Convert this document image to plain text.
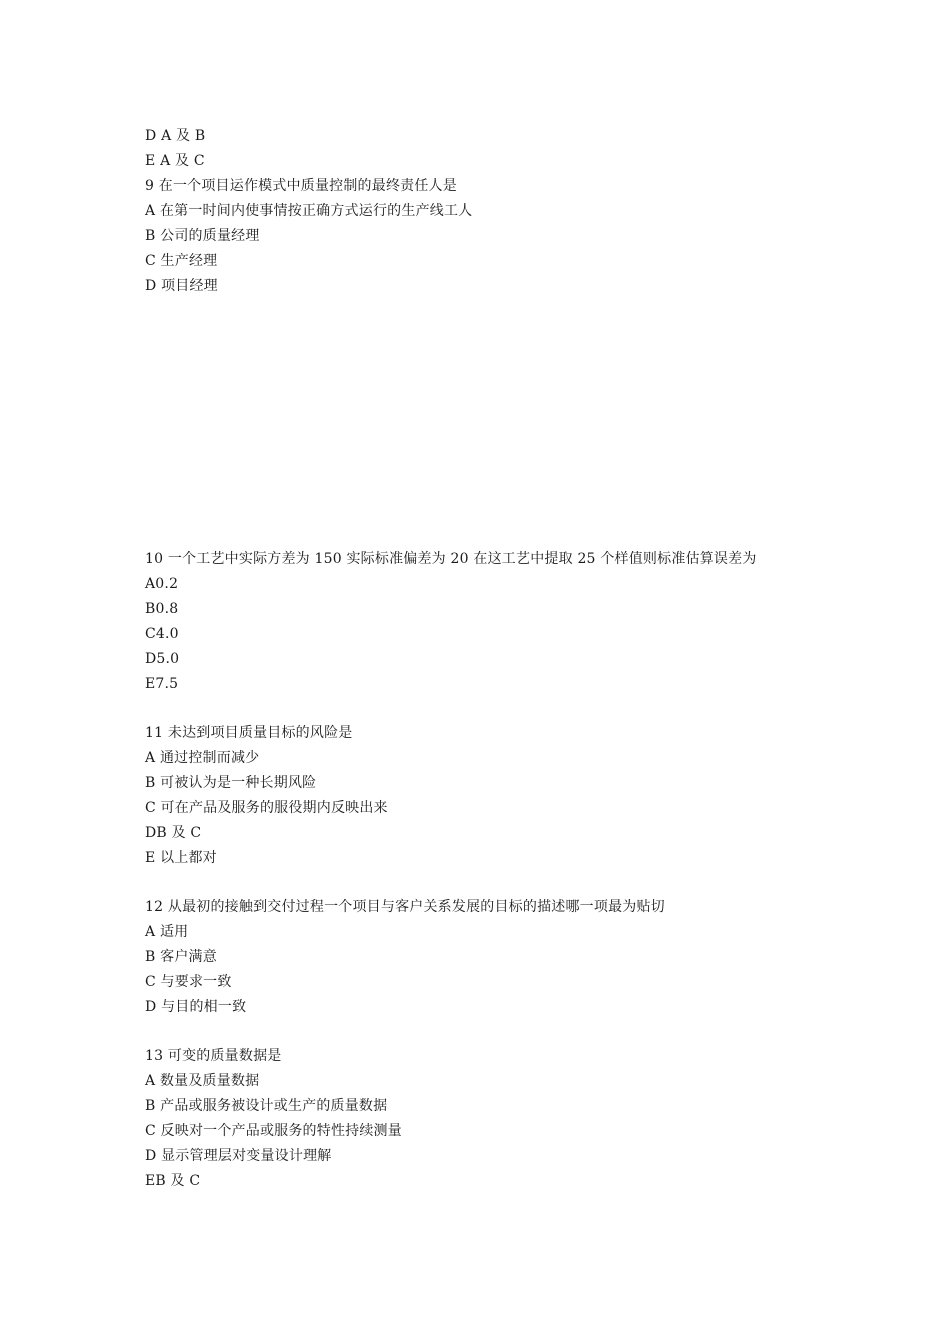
D A 及 B
E A 及 C
9 在一个项目运作模式中质量控制的最终责任人是
A 在第一时间内使事情按正确方式运行的生产线工人
B 公司的质量经理
C 生产经理
D 项目经理
10 一个工艺中实际方差为 150 实际标准偏差为 20 在这工艺中提取 25 个样值则标准估算误差为
A0.2
B0.8
C4.0
D5.0
E7.5
11 未达到项目质量目标的风险是
A 通过控制而减少
B 可被认为是一种长期风险
C 可在产品及服务的服役期内反映出来
DB 及 C
E 以上都对
12 从最初的接触到交付过程一个项目与客户关系发展的目标的描述哪一项最为贴切
A 适用
B 客户满意
C 与要求一致
D 与目的相一致
13 可变的质量数据是
A 数量及质量数据
B 产品或服务被设计或生产的质量数据
C 反映对一个产品或服务的特性持续测量
D 显示管理层对变量设计理解
EB 及 C
